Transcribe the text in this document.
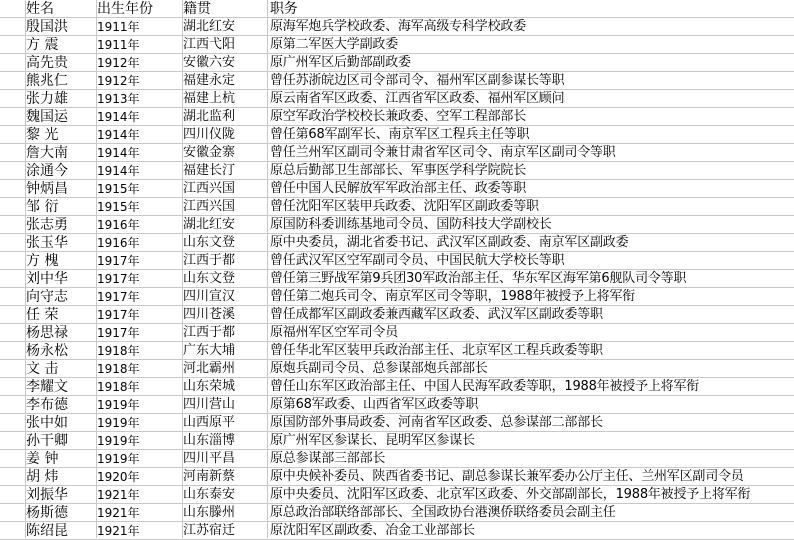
姓名	出生年份	籍贯	职务
殷国洪	1911年	湖北红安	原海军炮兵学校政委、海军高级专科学校政委
方 震	1911年	江西弋阳	原第二军医大学副政委
高先贵	1912年	安徽六安	原广州军区后勤部副政委
熊兆仁	1912年	福建永定	曾任苏浙皖边区司令部司令、福州军区副参谋长等职
张力雄	1913年	福建上杭	原云南省军区政委、江西省军区政委、福州军区顾问
魏国运	1914年	湖北监利	原空军政治学校校长兼政委、空军工程部部长
黎 光	1914年	四川仪陇	曾任第68军副军长、南京军区工程兵主任等职
詹大南	1914年	安徽金寨	曾任兰州军区副司令兼甘肃省军区司令、南京军区副司令等职
涂通今	1914年	福建长汀	原总后勤部卫生部部长、军事医学科学院院长
钟炳昌	1915年	江西兴国	曾任中国人民解放军军政治部主任、政委等职
邹 衍	1915年	江西兴国	曾任沈阳军区装甲兵政委、沈阳军区副政委等职
张志勇	1916年	湖北红安	原国防科委训练基地司令员、国防科技大学副校长
张玉华	1916年	山东文登	原中央委员，湖北省委书记、武汉军区副政委、南京军区副政委
方 槐	1917年	江西于都	曾任武汉军区空军副司令员、中国民航大学校长等职
刘中华	1917年	山东文登	曾任第三野战军第9兵团30军政治部主任、华东军区海军第6舰队司令等职
向守志	1917年	四川宣汉	曾任第二炮兵司令、南京军区司令等职，1988年被授予上将军衔
任 荣	1917年	四川苍溪	曾任成都军区副政委兼西藏军区政委、武汉军区副政委等职
杨思禄	1917年	江西于都	原福州军区空军司令员
杨永松	1918年	广东大埔	曾任华北军区装甲兵政治部主任、北京军区工程兵政委等职
文 击	1918年	河北霸州	原炮兵副司令员、总参谋部炮兵部部长
李耀文	1918年	山东荣城	曾任山东军区政治部主任、中国人民海军政委等职，1988年被授予上将军衔
李布德	1919年	四川营山	原第68军政委、山西省军区政委等职
张中如	1919年	山西原平	原国防部外事局政委、河南省军区政委、总参谋部二部部长
孙干卿	1919年	山东淄博	原广州军区参谋长、昆明军区参谋长
姜 钟	1919年	四川平昌	原总参谋部三部部长
胡 炜	1920年	河南新蔡	原中央候补委员、陕西省委书记、副总参谋长兼军委办公厅主任、兰州军区副司令员
刘振华	1921年	山东泰安	原中央委员、沈阳军区政委、北京军区政委、外交部副部长，1988年被授予上将军衔
杨斯德	1921年	山东滕州	原总政治部联络部部长、全国政协台港澳侨联络委员会副主任
陈绍昆	1921年	江苏宿迁	原沈阳军区副政委、冶金工业部部长
